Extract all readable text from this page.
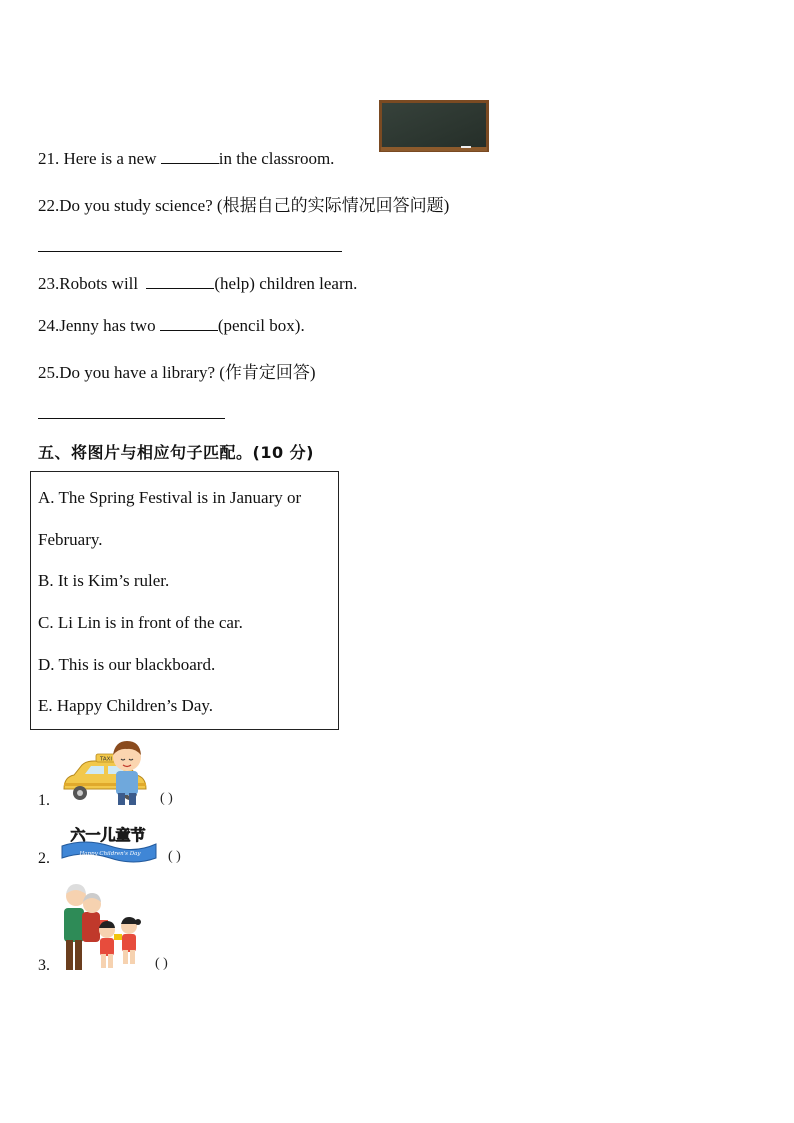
21. Here is a new	in the classroom.
22.Do you study science? (根据自己的实际情况回答问题)
23.Robots will	(help) children learn.
24.Jenny has two	(pencil box).
25.Do you have a library? (作肯定回答)
五、将图片与相应句子匹配。(10 分)
A. The Spring Festival is in January or
February.
B. It is Kim’s ruler.
C. Li Lin is in front of the car.
D. This is our blackboard.
E. Happy Children’s Day.
1.
TAXI
( )
2.
六一儿童节
Happy Children's Day ( )
3.	( )
